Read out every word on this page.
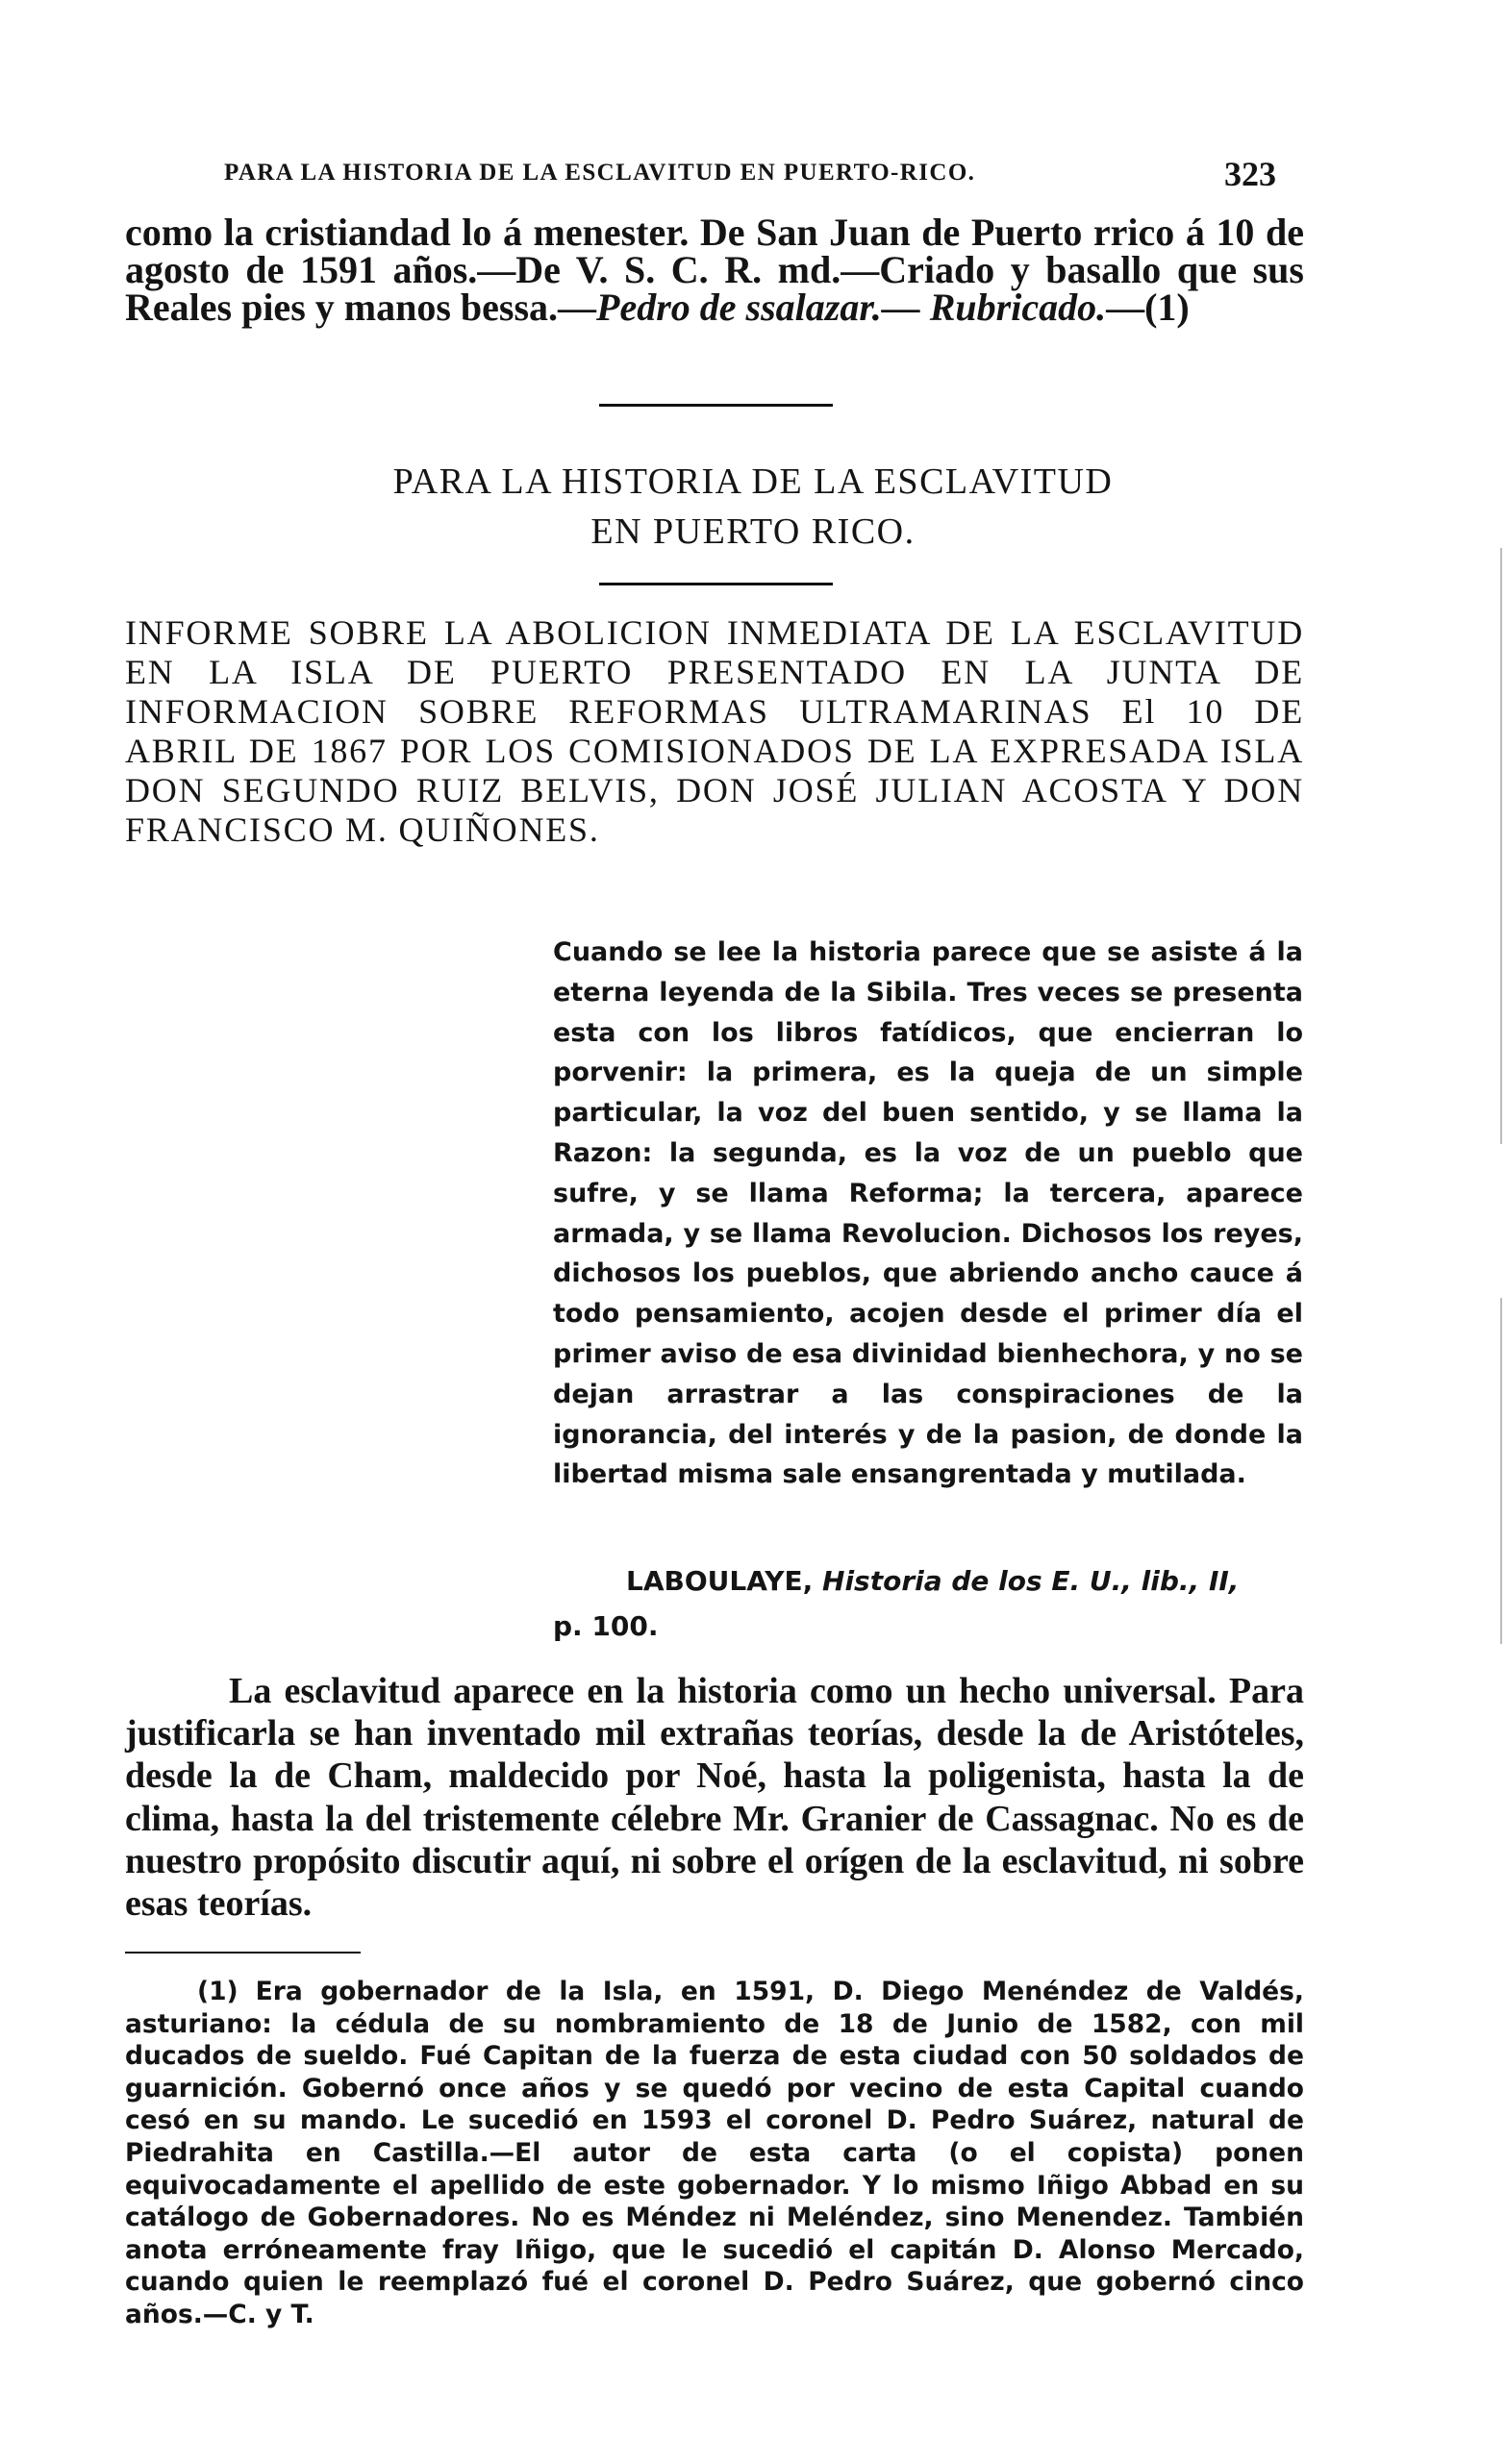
PARA LA HISTORIA DE LA ESCLAVITUD EN PUERTO-RICO.	323

como la cristiandad lo á menester. De San Juan de Puerto rrico á 10 de agosto de 1591 años.—De V. S. C. R. md.—Criado y basallo que sus Reales pies y manos bessa.—Pedro de ssalazar.— Rubricado.—(1)

PARA LA HISTORIA DE LA ESCLAVITUD
EN PUERTO RICO.
INFORME SOBRE LA ABOLICION INMEDIATA DE LA ESCLAVITUD EN LA ISLA DE PUERTO PRESENTADO EN LA JUNTA DE INFORMACION SOBRE REFORMAS ULTRAMARINAS El 10 DE ABRIL DE 1867 POR LOS COMISIONADOS DE LA EXPRESADA ISLA DON SEGUNDO RUIZ BELVIS, DON JOSÉ JULIAN ACOSTA Y DON FRANCISCO M. QUIÑONES.

Cuando se lee la historia parece que se asiste á la eterna leyenda de la Sibila. Tres veces se presenta esta con los libros fatídicos, que encierran lo porvenir: la primera, es la queja de un simple particular, la voz del buen sentido, y se llama la Razon: la segunda, es la voz de un pueblo que sufre, y se llama Reforma; la tercera, aparece armada, y se llama Revolucion. Dichosos los reyes, dichosos los pueblos, que abriendo ancho cauce á todo pensamiento, acojen desde el primer día el primer aviso de esa divinidad bienhechora, y no se dejan arrastrar a las conspiraciones de la ignorancia, del interés y de la pasion, de donde la libertad misma sale ensangrentada y mutilada.

LABOULAYE, Historia de los E. U., lib., II,
p. 100.

La esclavitud aparece en la historia como un hecho universal. Para justificarla se han inventado mil extrañas teorías, desde la de Aristóteles, desde la de Cham, maldecido por Noé, hasta la poligenista, hasta la de clima, hasta la del tristemente célebre Mr. Granier de Cassagnac. No es de nuestro propósito discutir aquí, ni sobre el orígen de la esclavitud, ni sobre esas teorías.

(1) Era gobernador de la Isla, en 1591, D. Diego Menéndez de Valdés, asturiano: la cédula de su nombramiento de 18 de Junio de 1582, con mil ducados de sueldo. Fué Capitan de la fuerza de esta ciudad con 50 soldados de guarnición. Gobernó once años y se quedó por vecino de esta Capital cuando cesó en su mando. Le sucedió en 1593 el coronel D. Pedro Suárez, natural de Piedrahita en Castilla.—El autor de esta carta (o el copista) ponen equivocadamente el apellido de este gobernador. Y lo mismo Iñigo Abbad en su catálogo de Gobernadores. No es Méndez ni Meléndez, sino Menendez. También anota erróneamente fray Iñigo, que le sucedió el capitán D. Alonso Mercado, cuando quien le reemplazó fué el coronel D. Pedro Suárez, que gobernó cinco años.—C. y T.
